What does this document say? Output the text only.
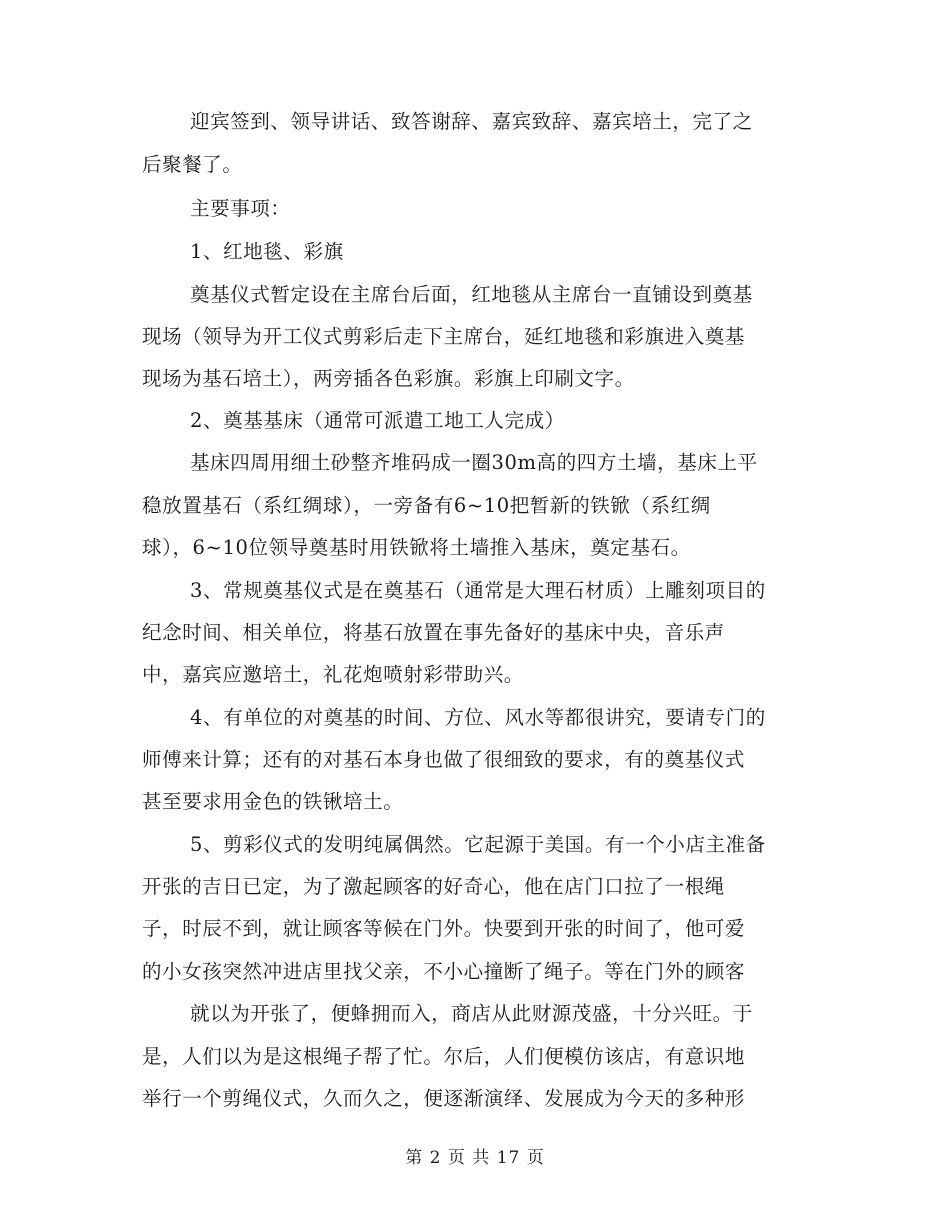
迎宾签到、领导讲话、致答谢辞、嘉宾致辞、嘉宾培土，完了之
后聚餐了。
主要事项：
1、红地毯、彩旗
奠基仪式暂定设在主席台后面，红地毯从主席台一直铺设到奠基
现场（领导为开工仪式剪彩后走下主席台，延红地毯和彩旗进入奠基
现场为基石培土），两旁插各色彩旗。彩旗上印刷文字。
2、奠基基床（通常可派遣工地工人完成）
基床四周用细土砂整齐堆码成一圈30m高的四方土墙，基床上平
稳放置基石（系红绸球），一旁备有6~10把暂新的铁锨（系红绸
球），6~10位领导奠基时用铁锨将土墙推入基床，奠定基石。
3、常规奠基仪式是在奠基石（通常是大理石材质）上雕刻项目的
纪念时间、相关单位，将基石放置在事先备好的基床中央，音乐声
中，嘉宾应邀培土，礼花炮喷射彩带助兴。
4、有单位的对奠基的时间、方位、风水等都很讲究，要请专门的
师傅来计算；还有的对基石本身也做了很细致的要求，有的奠基仪式
甚至要求用金色的铁锹培土。
5、剪彩仪式的发明纯属偶然。它起源于美国。有一个小店主准备
开张的吉日已定，为了激起顾客的好奇心，他在店门口拉了一根绳
子，时辰不到，就让顾客等候在门外。快要到开张的时间了，他可爱
的小女孩突然冲进店里找父亲，不小心撞断了绳子。等在门外的顾客
就以为开张了，便蜂拥而入，商店从此财源茂盛，十分兴旺。于
是，人们以为是这根绳子帮了忙。尔后，人们便模仿该店，有意识地
举行一个剪绳仪式，久而久之，便逐渐演绎、发展成为今天的多种形
第 2 页 共 17 页
